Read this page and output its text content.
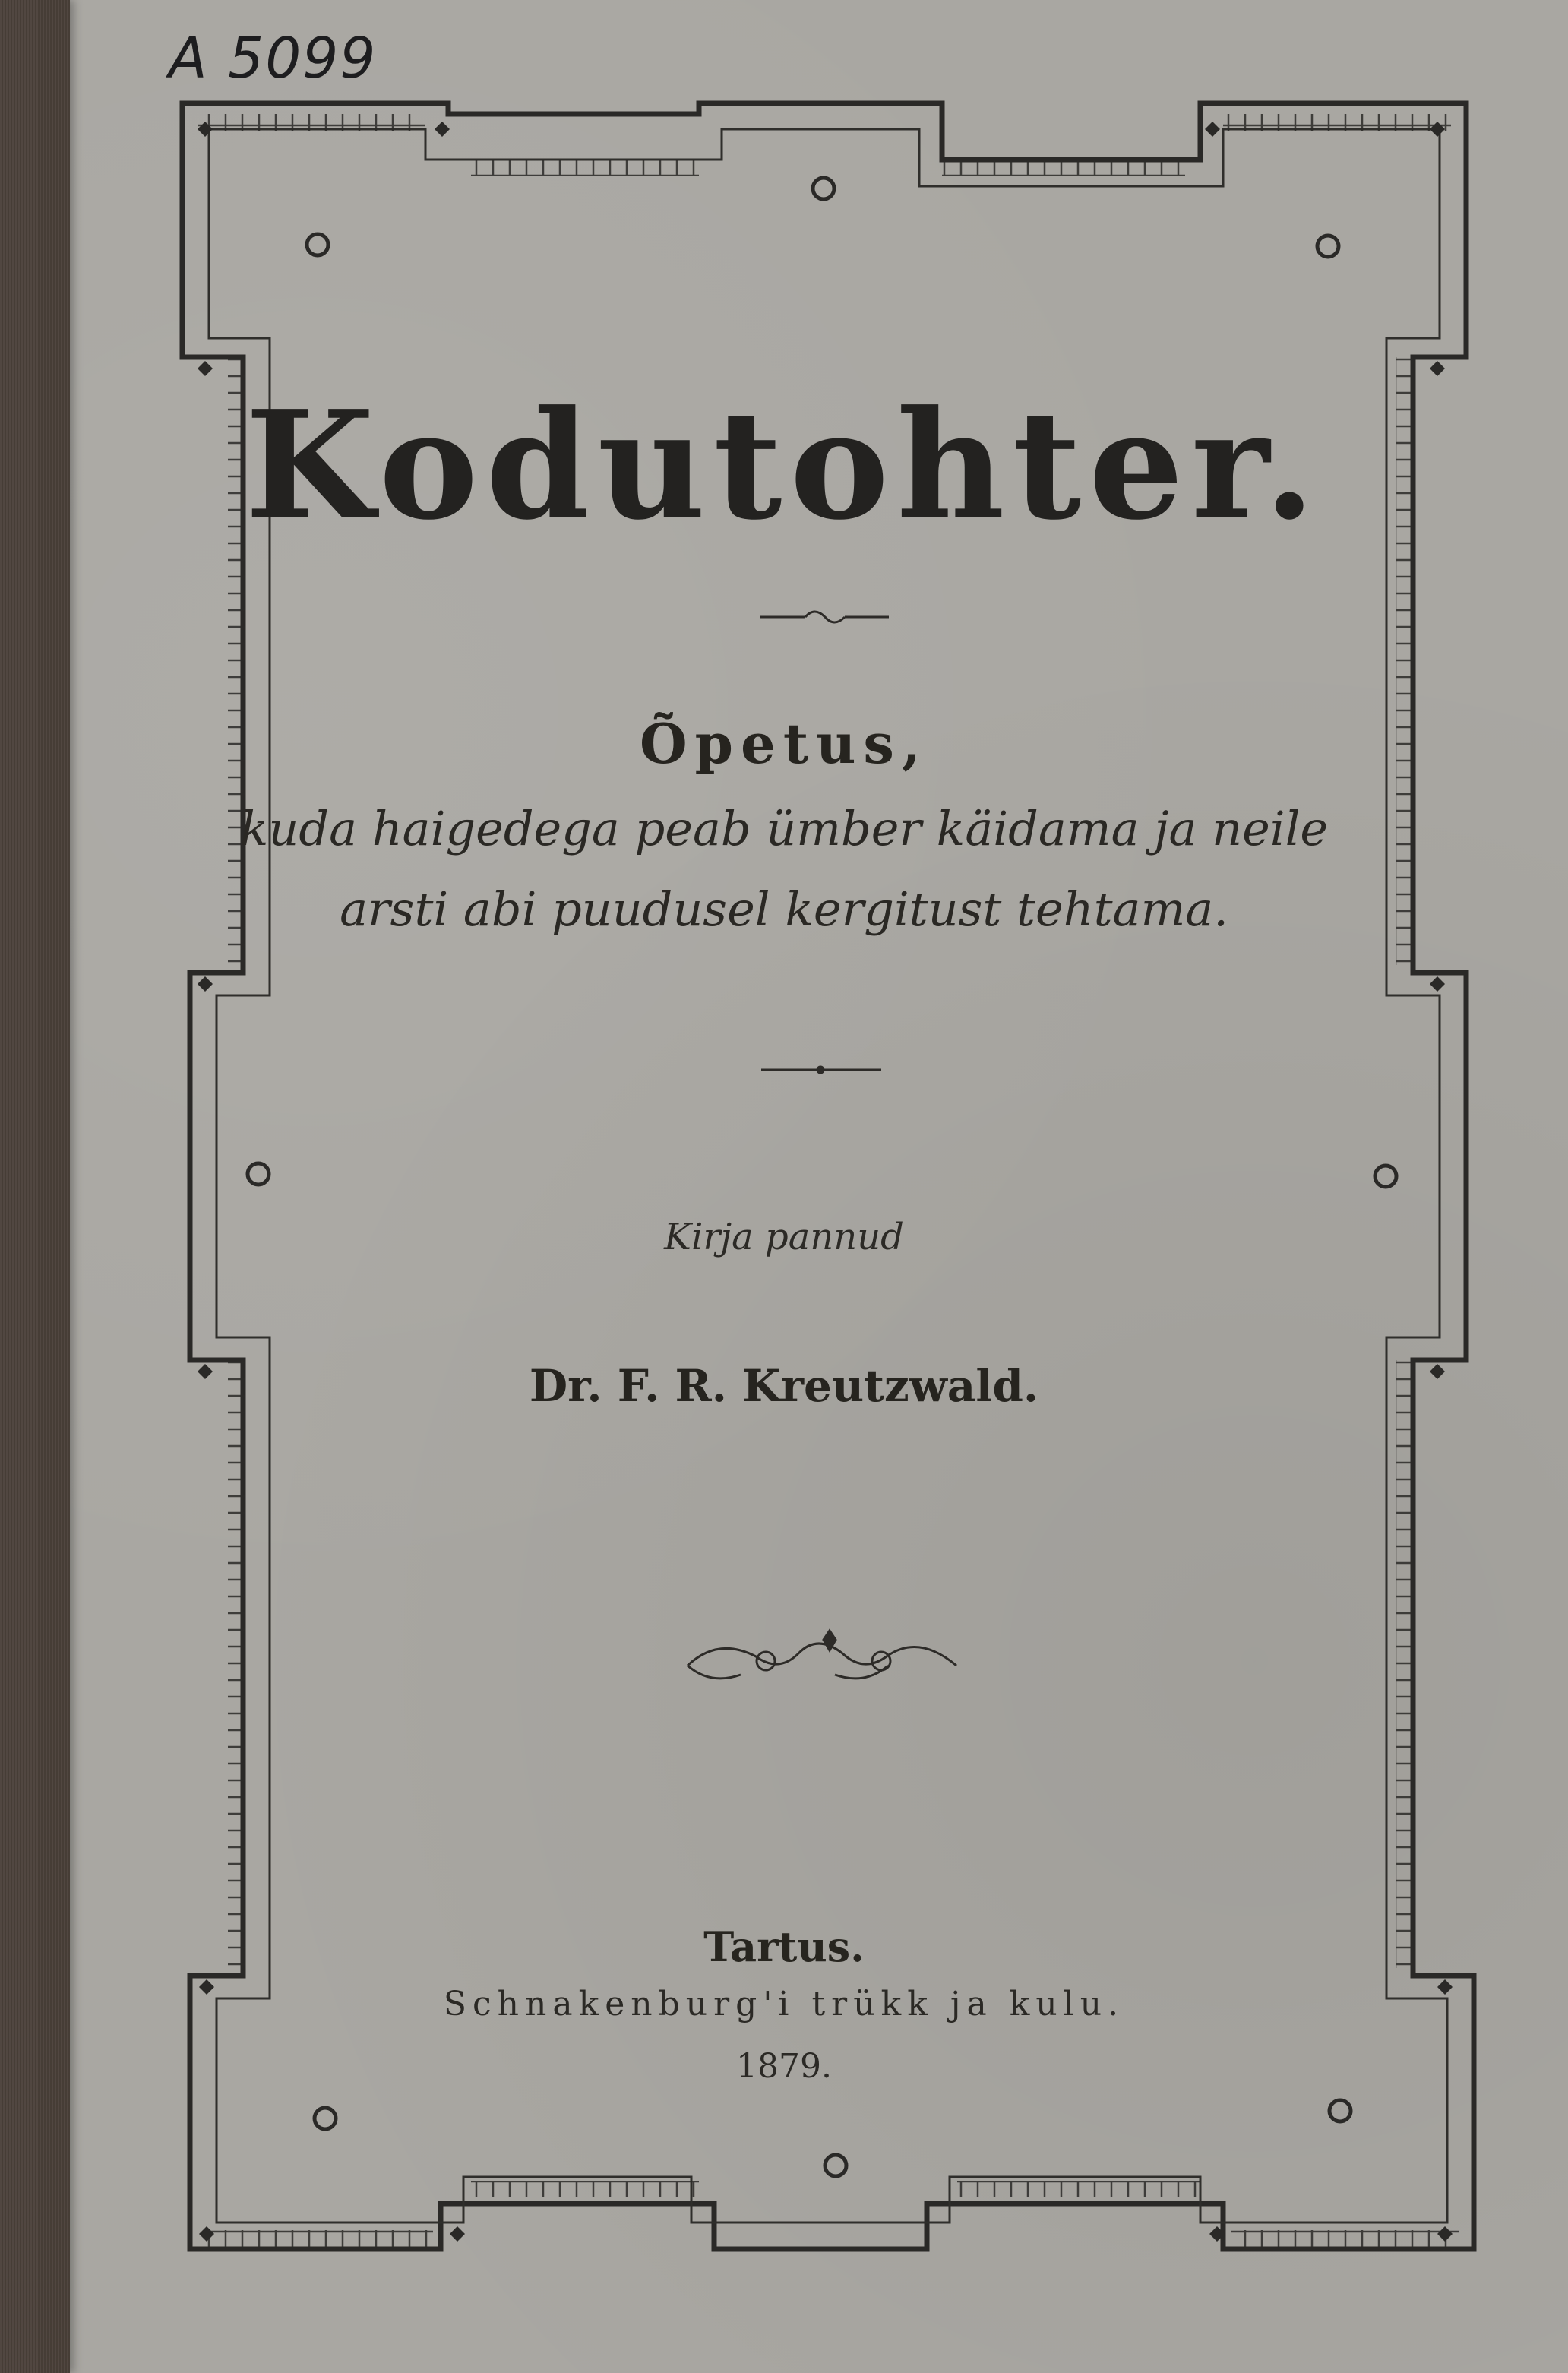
A 5099
Kodutohter.
Õpetus,
kuda haigedega peab ümber käidama ja neile
arsti abi puudusel kergitust tehtama.
Kirja pannud
Dr. F. R. Kreutzwald.
Tartus.
Schnakenburg'i trükk ja kulu.
1879.
